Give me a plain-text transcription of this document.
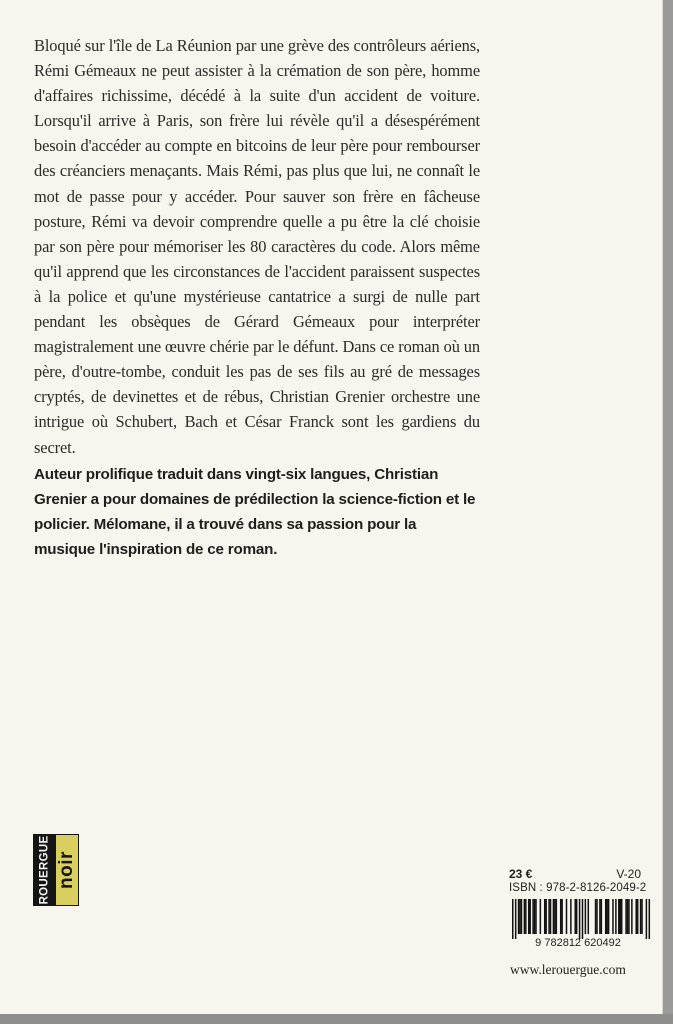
Bloqué sur l'île de La Réunion par une grève des contrôleurs aériens, Rémi Gémeaux ne peut assister à la crémation de son père, homme d'affaires richissime, décédé à la suite d'un accident de voiture. Lorsqu'il arrive à Paris, son frère lui révèle qu'il a désespérément besoin d'accéder au compte en bitcoins de leur père pour rembourser des créanciers menaçants. Mais Rémi, pas plus que lui, ne connaît le mot de passe pour y accéder. Pour sauver son frère en fâcheuse posture, Rémi va devoir comprendre quelle a pu être la clé choisie par son père pour mémoriser les 80 caractères du code. Alors même qu'il apprend que les circonstances de l'accident paraissent suspectes à la police et qu'une mystérieuse cantatrice a surgi de nulle part pendant les obsèques de Gérard Gémeaux pour interpréter magistralement une œuvre chérie par le défunt. Dans ce roman où un père, d'outre-tombe, conduit les pas de ses fils au gré de messages cryptés, de devinettes et de rébus, Christian Grenier orchestre une intrigue où Schubert, Bach et César Franck sont les gardiens du secret.

Auteur prolifique traduit dans vingt-six langues, Christian Grenier a pour domaines de prédilection la science-fiction et le policier. Mélomane, il a trouvé dans sa passion pour la musique l'inspiration de ce roman.

ROUERGUE noir	23 €	V-20
ISBN : 978-2-8126-2049-2
9 782812 620492
www.lerouergue.com
